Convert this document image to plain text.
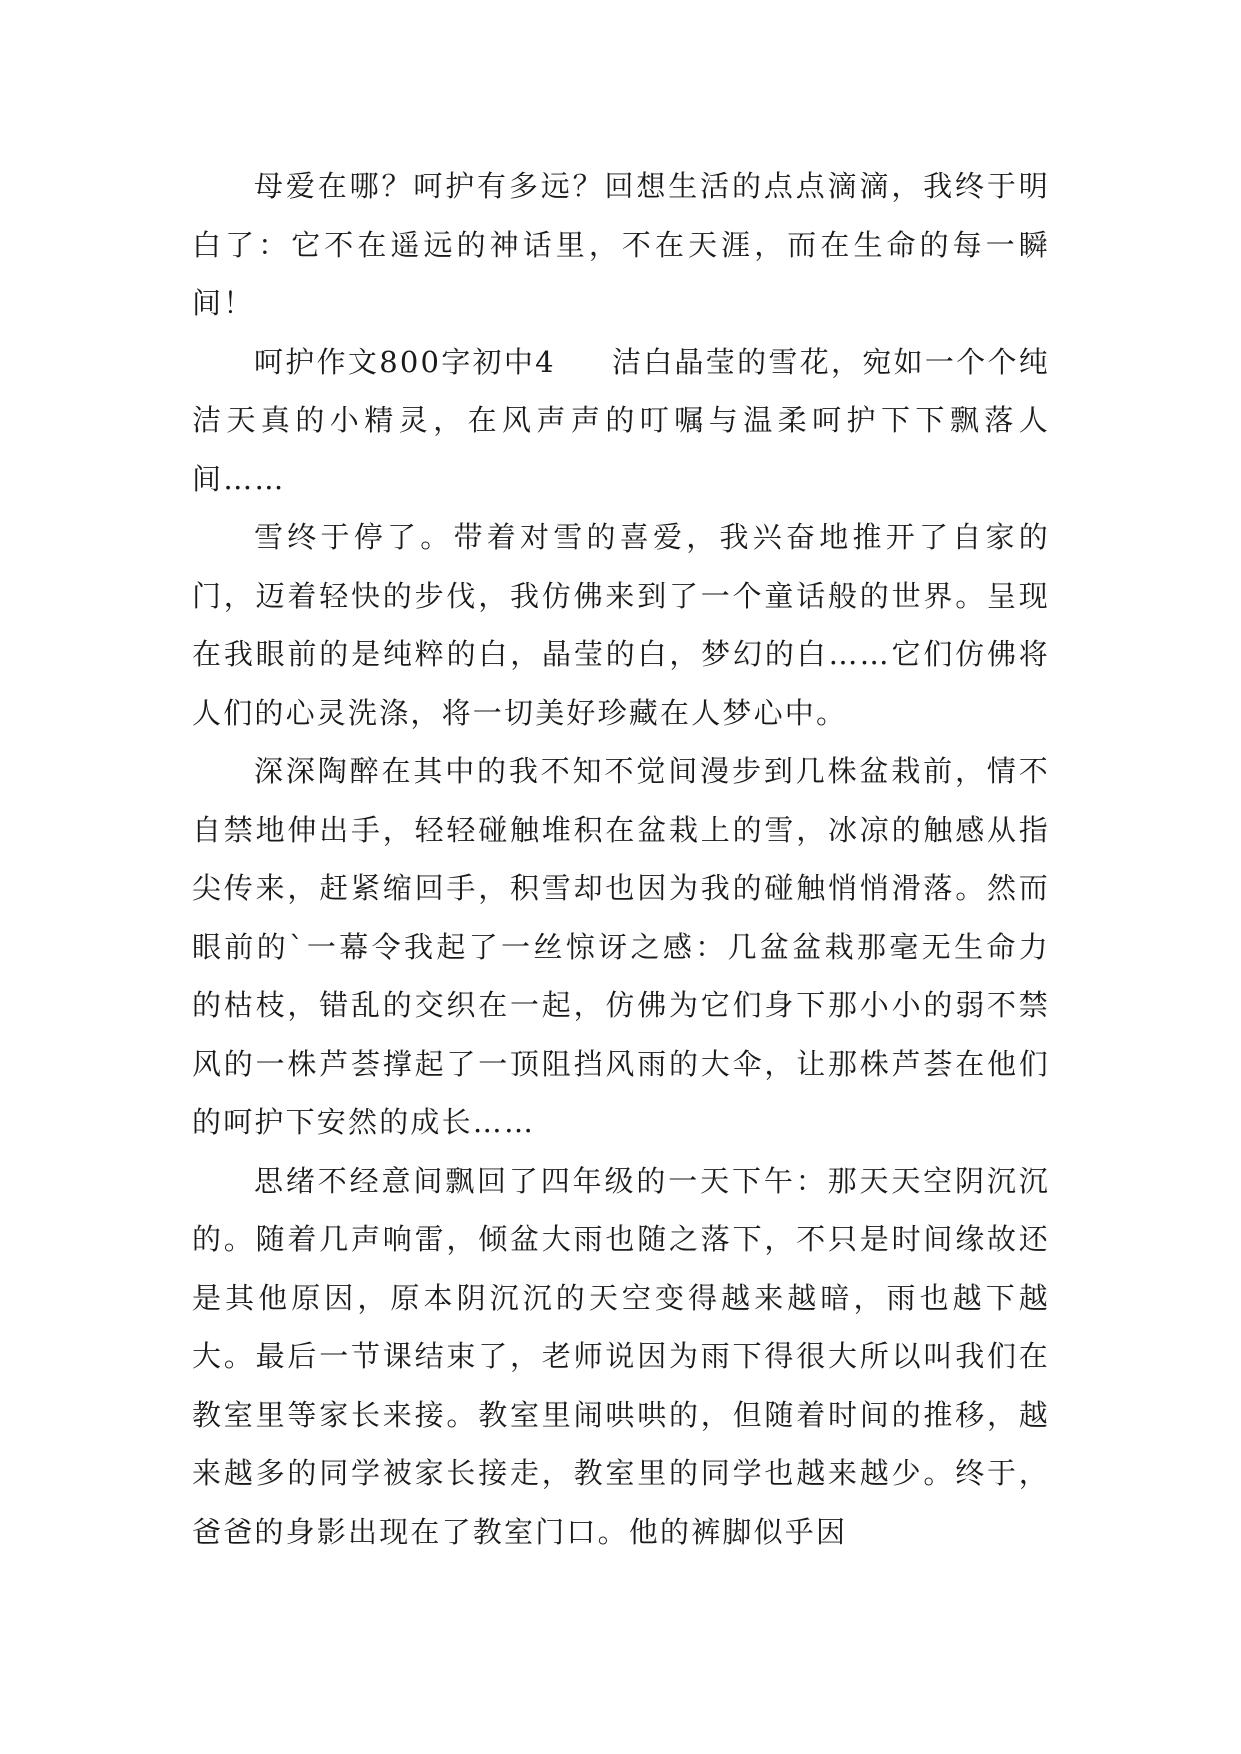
母爱在哪？呵护有多远？回想生活的点点滴滴，我终于明白了：它不在遥远的神话里，不在天涯，而在生命的每一瞬间！

呵护作文800字初中4 洁白晶莹的雪花，宛如一个个纯洁天真的小精灵，在风声声的叮嘱与温柔呵护下下飘落人间……

雪终于停了。带着对雪的喜爱，我兴奋地推开了自家的门，迈着轻快的步伐，我仿佛来到了一个童话般的世界。呈现在我眼前的是纯粹的白，晶莹的白，梦幻的白……它们仿佛将人们的心灵洗涤，将一切美好珍藏在人梦心中。

深深陶醉在其中的我不知不觉间漫步到几株盆栽前，情不自禁地伸出手，轻轻碰触堆积在盆栽上的雪，冰凉的触感从指尖传来，赶紧缩回手，积雪却也因为我的碰触悄悄滑落。然而眼前的`一幕令我起了一丝惊讶之感：几盆盆栽那毫无生命力的枯枝，错乱的交织在一起，仿佛为它们身下那小小的弱不禁风的一株芦荟撑起了一顶阻挡风雨的大伞，让那株芦荟在他们的呵护下安然的成长……

思绪不经意间飘回了四年级的一天下午：那天天空阴沉沉的。随着几声响雷，倾盆大雨也随之落下，不只是时间缘故还是其他原因，原本阴沉沉的天空变得越来越暗，雨也越下越大。最后一节课结束了，老师说因为雨下得很大所以叫我们在教室里等家长来接。教室里闹哄哄的，但随着时间的推移，越来越多的同学被家长接走，教室里的同学也越来越少。终于，爸爸的身影出现在了教室门口。他的裤脚似乎因
